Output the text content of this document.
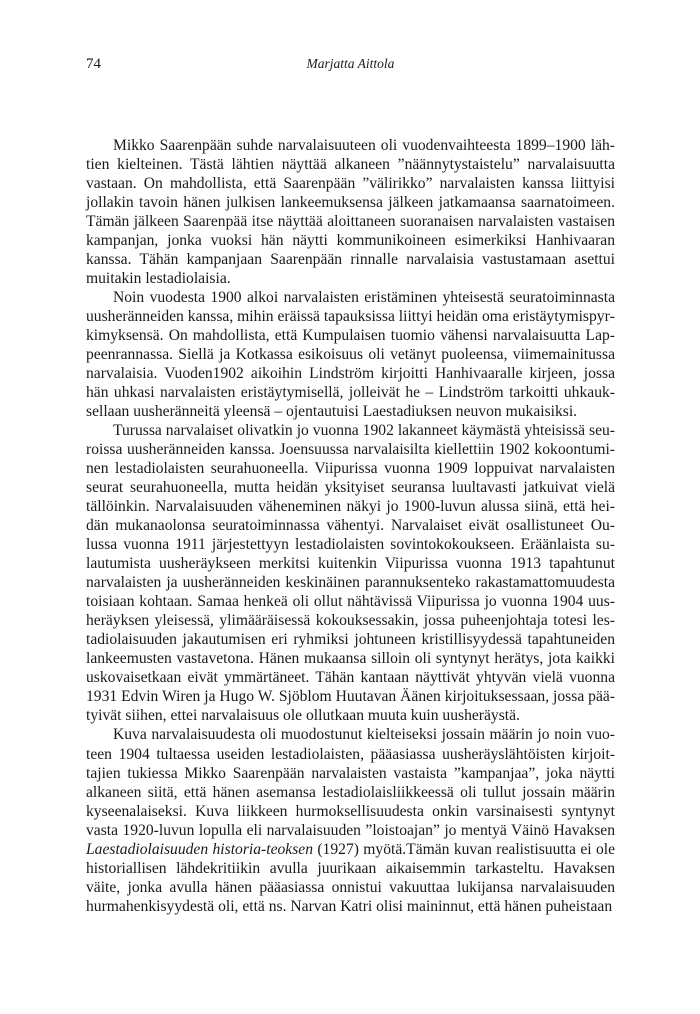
74	Marjatta Aittola

Mikko Saarenpään suhde narvalaisuuteen oli vuodenvaihteesta 1899–1900 lähtien kielteinen. Tästä lähtien näyttää alkaneen ”näännytystaistelu” narvalaisuutta vastaan. On mahdollista, että Saarenpään ”välirikko” narvalaisten kanssa liittyisi jollakin tavoin hänen julkisen lankeemuksensa jälkeen jatkamaansa saarnatoimeen. Tämän jälkeen Saarenpää itse näyttää aloittaneen suoranaisen narvalaisten vastaisen kampanjan, jonka vuoksi hän näytti kommunikoineen esimerkiksi Hanhivaaran kanssa. Tähän kampanjaan Saarenpään rinnalle narvalaisia vastustamaan asettui muitakin lestadiolaisia.

Noin vuodesta 1900 alkoi narvalaisten eristäminen yhteisestä seuratoiminnasta uusheränneiden kanssa, mihin eräissä tapauksissa liittyi heidän oma eristäytymispyrkimyksensä. On mahdollista, että Kumpulaisen tuomio vähensi narvalaisuutta Lappeenrannassa. Siellä ja Kotkassa esikoisuus oli vetänyt puoleensa, viimemainitussa narvalaisia. Vuoden1902 aikoihin Lindström kirjoitti Hanhivaaralle kirjeen, jossa hän uhkasi narvalaisten eristäytymisellä, jolleivät he – Lindström tarkoitti uhkauksellaan uusheränneitä yleensä – ojentautuisi Laestadiuksen neuvon mukaisiksi.

Turussa narvalaiset olivatkin jo vuonna 1902 lakanneet käymästä yhteisissä seuroissa uusheränneiden kanssa. Joensuussa narvalaisilta kiellettiin 1902 kokoontuminen lestadiolaisten seurahuoneella. Viipurissa vuonna 1909 loppuivat narvalaisten seurat seurahuoneella, mutta heidän yksityiset seuransa luultavasti jatkuivat vielä tällöinkin. Narvalaisuuden väheneminen näkyi jo 1900-luvun alussa siinä, että heidän mukanaolonsa seuratoiminnassa vähentyi. Narvalaiset eivät osallistuneet Oulussa vuonna 1911 järjestettyyn lestadiolaisten sovintokokoukseen. Eräänlaista sulautumista uusheräykseen merkitsi kuitenkin Viipurissa vuonna 1913 tapahtunut narvalaisten ja uusheränneiden keskinäinen parannuksenteko rakastamattomuudesta toisiaan kohtaan. Samaa henkeä oli ollut nähtävissä Viipurissa jo vuonna 1904 uusheräyksen yleisessä, ylimääräisessä kokouksessakin, jossa puheenjohtaja totesi lestadiolaisuuden jakautumisen eri ryhmiksi johtuneen kristillisyydessä tapahtuneiden lankeemusten vastavetona. Hänen mukaansa silloin oli syntynyt herätys, jota kaikki uskovaisetkaan eivät ymmärtäneet. Tähän kantaan näyttivät yhtyvän vielä vuonna 1931 Edvin Wiren ja Hugo W. Sjöblom Huutavan Äänen kirjoituksessaan, jossa päätyivät siihen, ettei narvalaisuus ole ollutkaan muuta kuin uusheräystä.

Kuva narvalaisuudesta oli muodostunut kielteiseksi jossain määrin jo noin vuoteen 1904 tultaessa useiden lestadiolaisten, pääasiassa uusheräyslähtöisten kirjoittajien tukiessa Mikko Saarenpään narvalaisten vastaista ”kampanjaa”, joka näytti alkaneen siitä, että hänen asemansa lestadiolaisliikkeessä oli tullut jossain määrin kyseenalaiseksi. Kuva liikkeen hurmoksellisuudesta onkin varsinaisesti syntynyt vasta 1920-luvun lopulla eli narvalaisuuden ”loistoajan” jo mentyä Väinö Havaksen Laestadiolaisuuden historia-teoksen (1927) myötä.Tämän kuvan realistisuutta ei ole historiallisen lähdekritiikin avulla juurikaan aikaisemmin tarkasteltu. Havaksen väite, jonka avulla hänen pääasiassa onnistui vakuuttaa lukijansa narvalaisuuden hurmahenkisyydestä oli, että ns. Narvan Katri olisi maininnut, että hänen puheistaan
